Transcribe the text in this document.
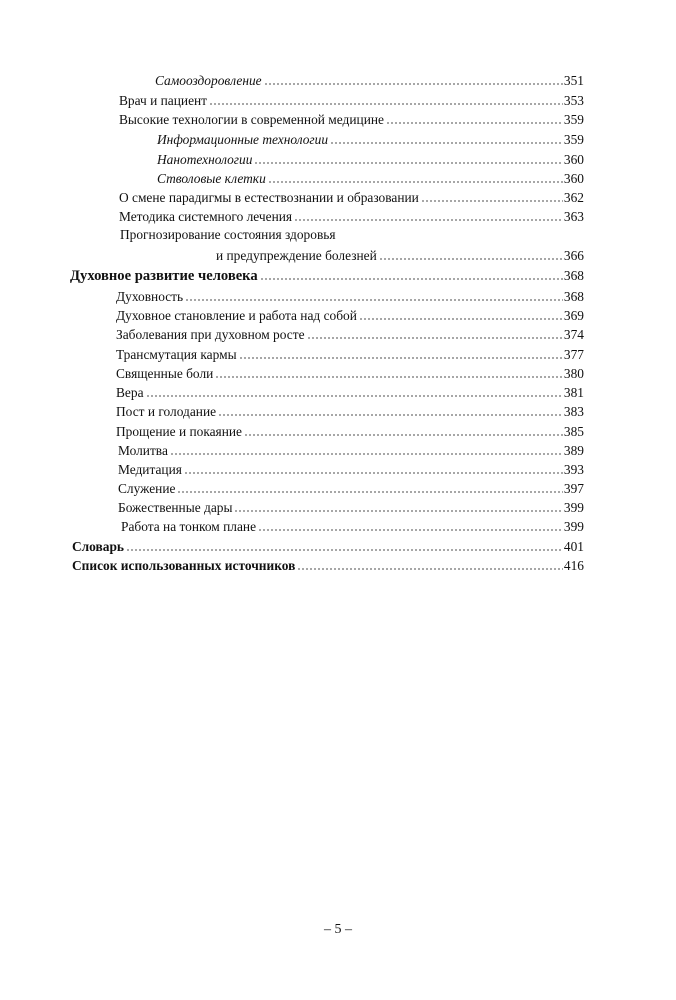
Самооздоровление	351
Врач и пациент	353
Высокие технологии в современной медицине	359
Информационные технологии	359
Нанотехнологии	360
Стволовые клетки	360
О смене парадигмы в естествознании и образовании	362
Методика системного лечения	363
Прогнозирование состояния здоровья
и предупреждение болезней	366
Духовное развитие человека	368
Духовность	368
Духовное становление и работа над собой	369
Заболевания при духовном росте	374
Трансмутация кармы	377
Священные боли	380
Вера	381
Пост и голодание	383
Прощение и покаяние	385
Молитва	389
Медитация	393
Служение	397
Божественные дары	399
Работа на тонком плане	399
Словарь	401
Список использованных источников	416
– 5 –
